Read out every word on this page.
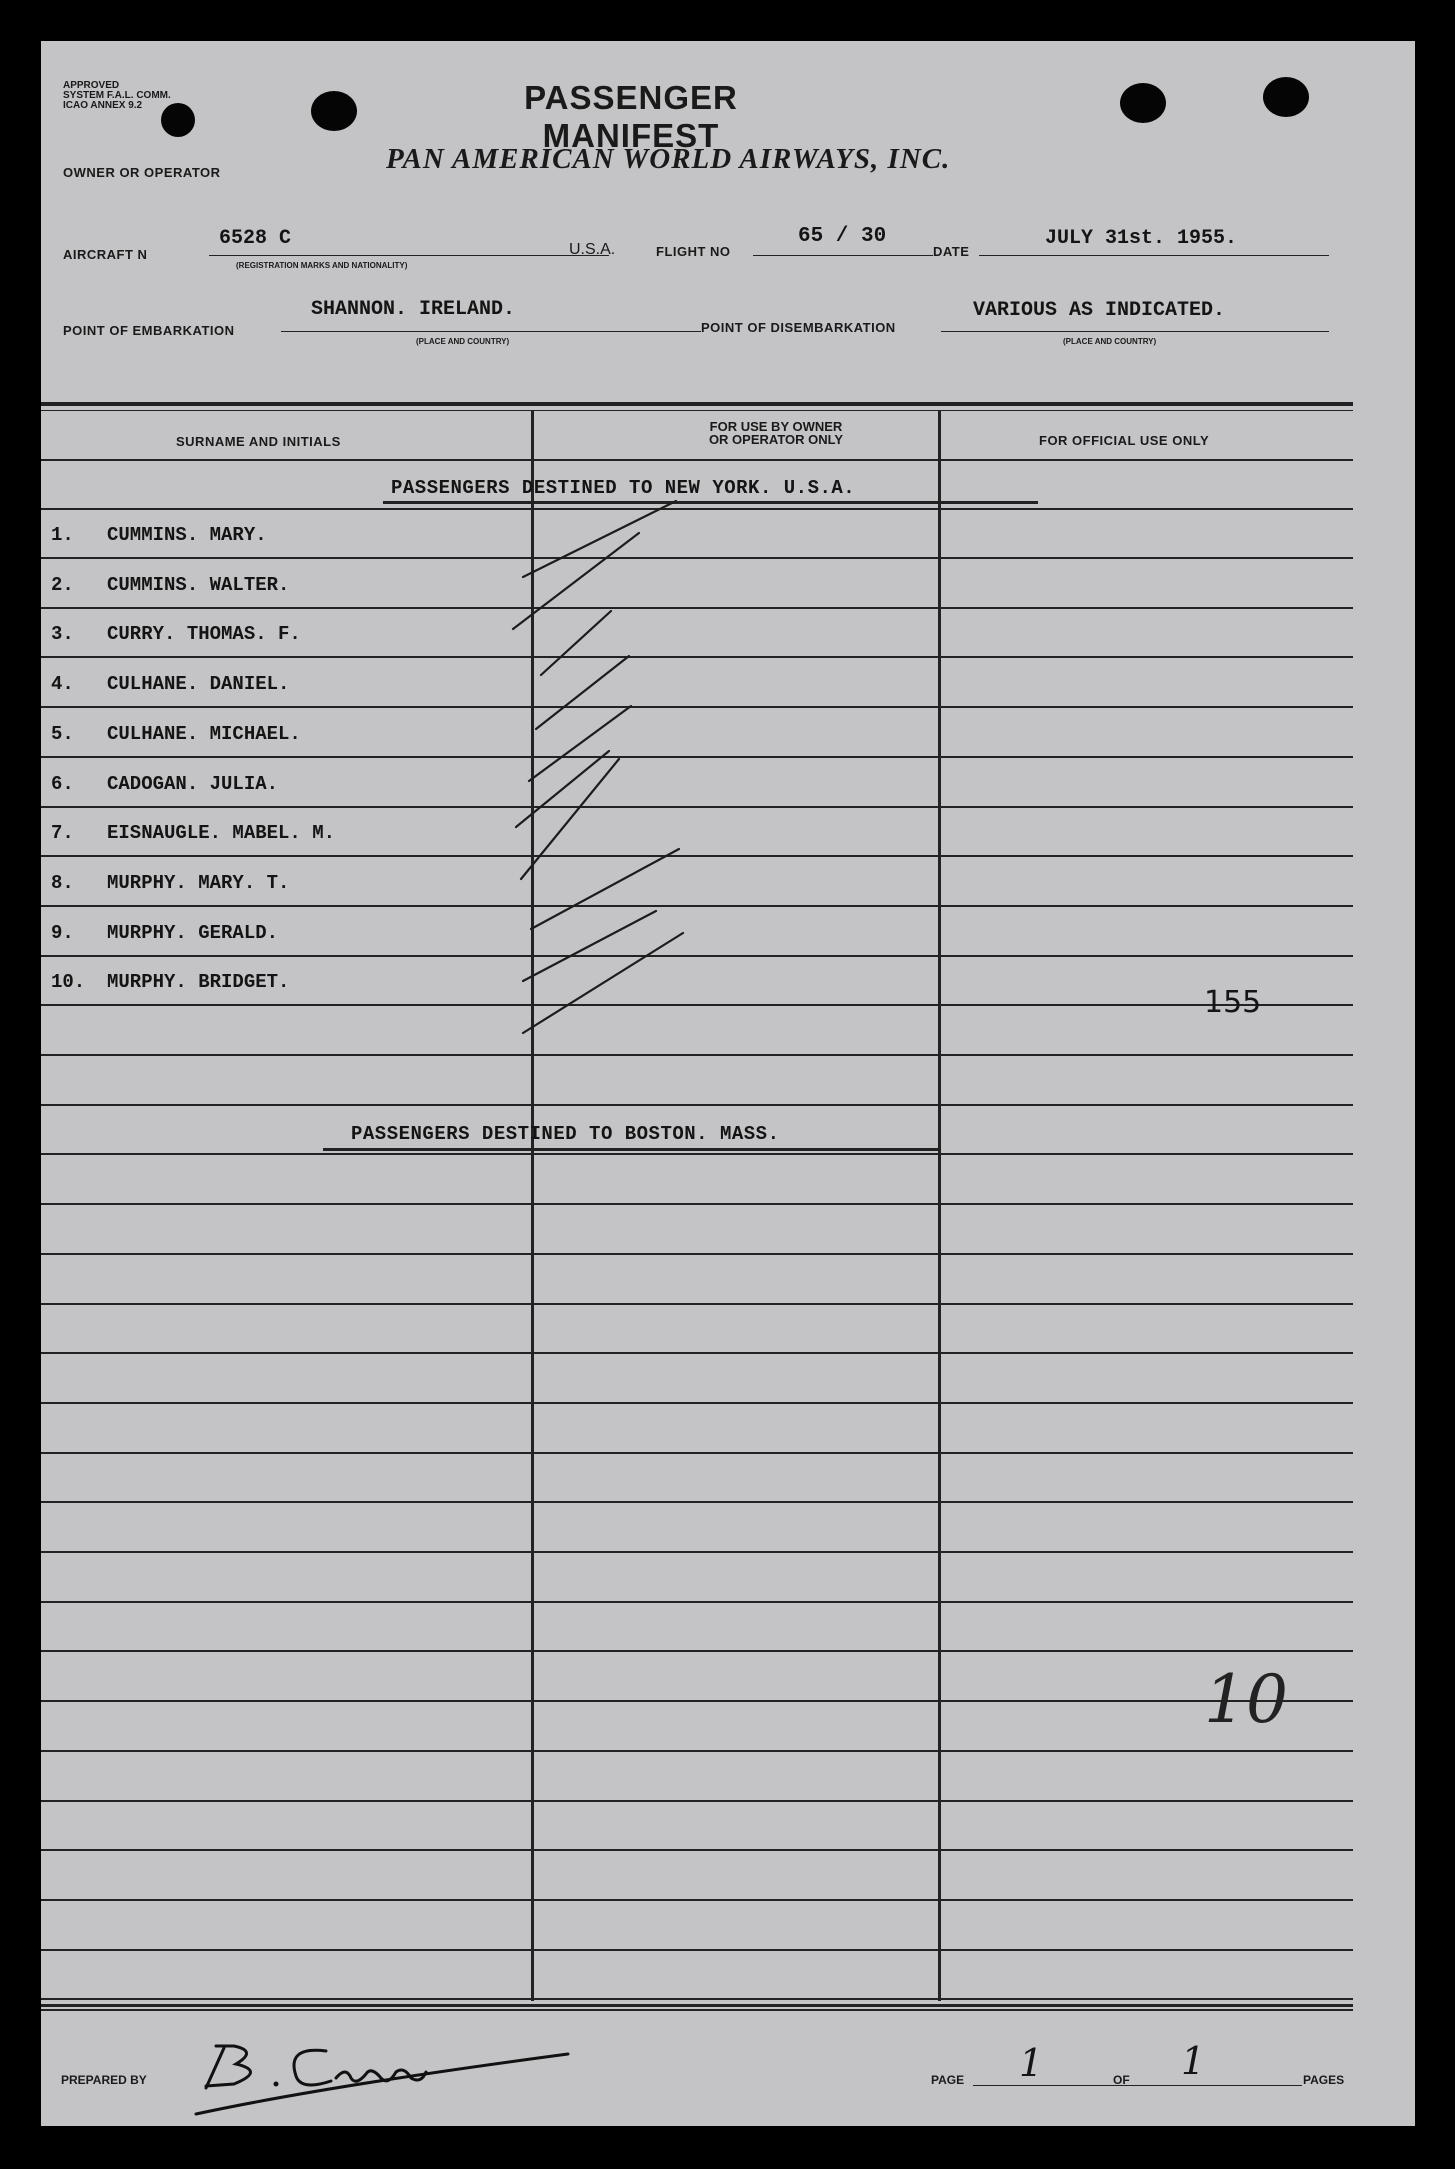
APPROVED
SYSTEM F.A.L. COMM.
ICAO ANNEX 9.2	PASSENGER MANIFEST
OWNER OR OPERATOR	PAN AMERICAN WORLD AIRWAYS, INC.
AIRCRAFT N
6528 C
(REGISTRATION MARKS AND NATIONALITY)
U.S.A.	FLIGHT NO
65 / 30
DATE
JULY 31st. 1955.
POINT OF EMBARKATION
SHANNON. IRELAND.
(PLACE AND COUNTRY)
POINT OF DISEMBARKATION
VARIOUS AS INDICATED.
(PLACE AND COUNTRY)
SURNAME AND INITIALS
FOR USE BY OWNER
OR OPERATOR ONLY	FOR OFFICIAL USE ONLY
PASSENGERS DESTINED TO NEW YORK. U.S.A.
1. CUMMINS. MARY.
2. CUMMINS. WALTER.
3. CURRY. THOMAS. F.
4. CULHANE. DANIEL.
5. CULHANE. MICHAEL.
6. CADOGAN. JULIA.
7. EISNAUGLE. MABEL. M.
8. MURPHY. MARY. T.
9. MURPHY. GERALD.
10. MURPHY. BRIDGET.
PASSENGERS DESTINED TO BOSTON. MASS.
155
10
PREPARED BY	PAGE 1	OF 1	PAGES
